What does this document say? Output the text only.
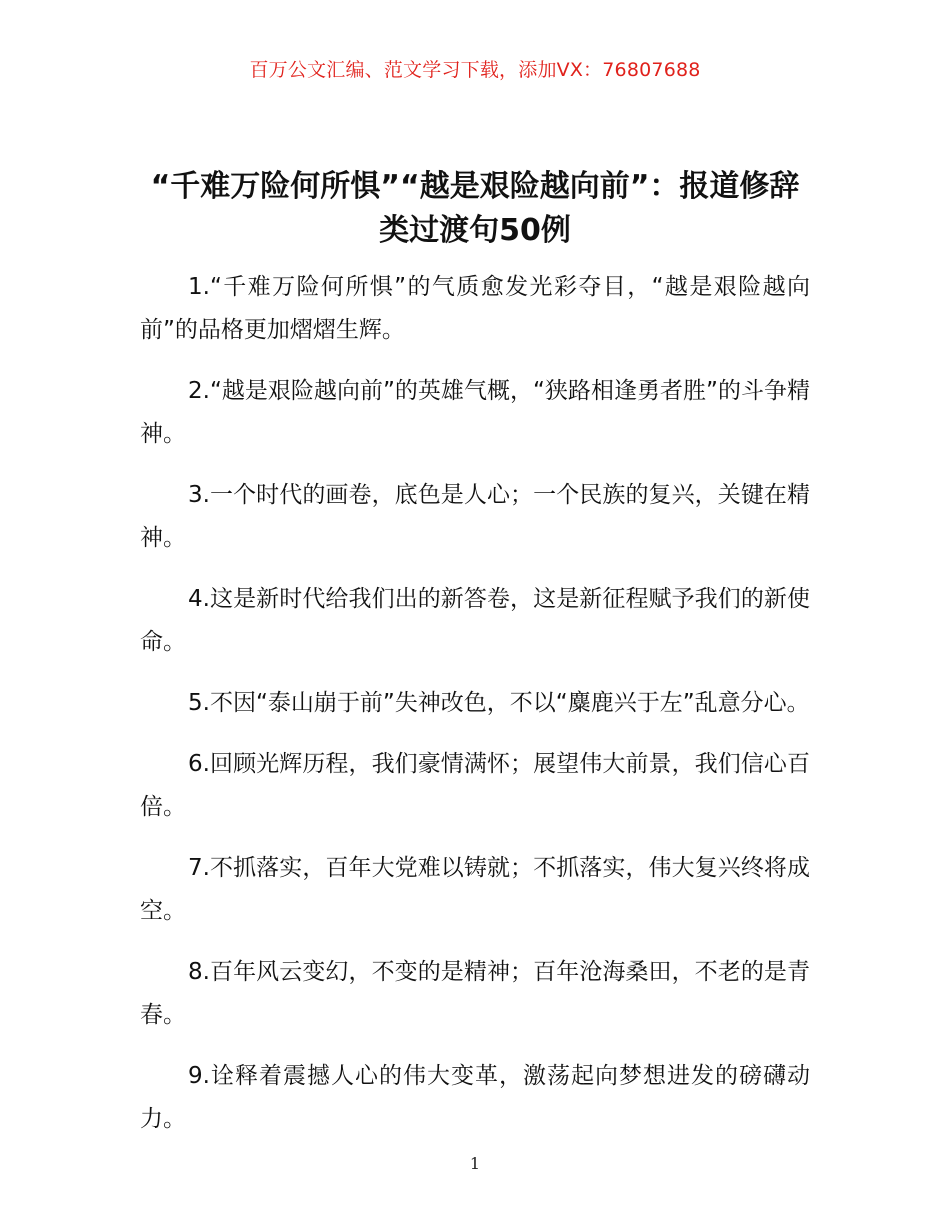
百万公文汇编、范文学习下载，添加VX：76807688
“千难万险何所惧”“越是艰险越向前”：报道修辞类过渡句50例

1.“千难万险何所惧”的气质愈发光彩夺目，“越是艰险越向前”的品格更加熠熠生辉。

2.“越是艰险越向前”的英雄气概，“狭路相逢勇者胜”的斗争精神。

3.一个时代的画卷，底色是人心；一个民族的复兴，关键在精神。

4.这是新时代给我们出的新答卷，这是新征程赋予我们的新使命。

5.不因“泰山崩于前”失神改色，不以“麋鹿兴于左”乱意分心。

6.回顾光辉历程，我们豪情满怀；展望伟大前景，我们信心百倍。

7.不抓落实，百年大党难以铸就；不抓落实，伟大复兴终将成空。

8.百年风云变幻，不变的是精神；百年沧海桑田，不老的是青春。

9.诠释着震撼人心的伟大变革，激荡起向梦想进发的磅礴动力。

1
